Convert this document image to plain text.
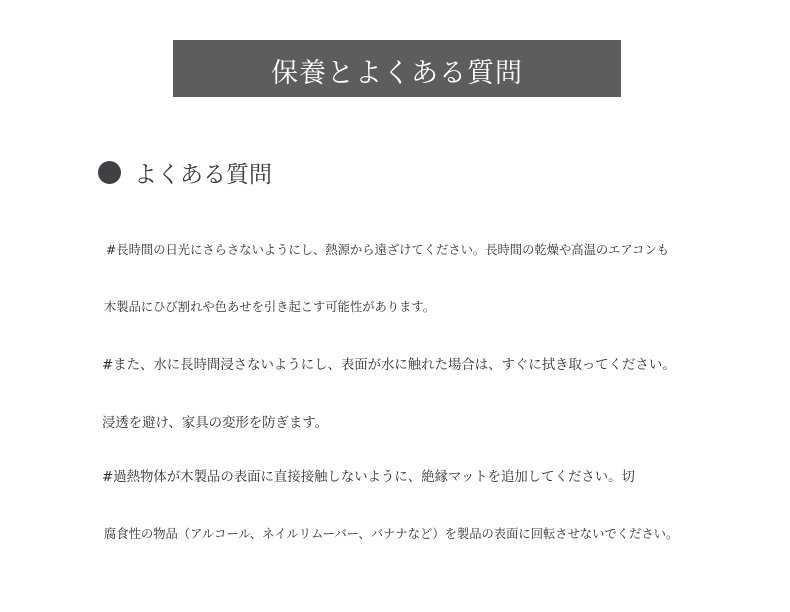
保養とよくある質問
よくある質問
#長時間の日光にさらさないようにし、熱源から遠ざけてください。長時間の乾燥や高温のエアコンも
木製品にひび割れや色あせを引き起こす可能性があります。
#また、水に長時間浸さないようにし、表面が水に触れた場合は、すぐに拭き取ってください。
浸透を避け、家具の変形を防ぎます。
#過熱物体が木製品の表面に直接接触しないように、絶縁マットを追加してください。切
腐食性の物品（アルコール、ネイルリムーバー、バナナなど）を製品の表面に回転させないでください。
